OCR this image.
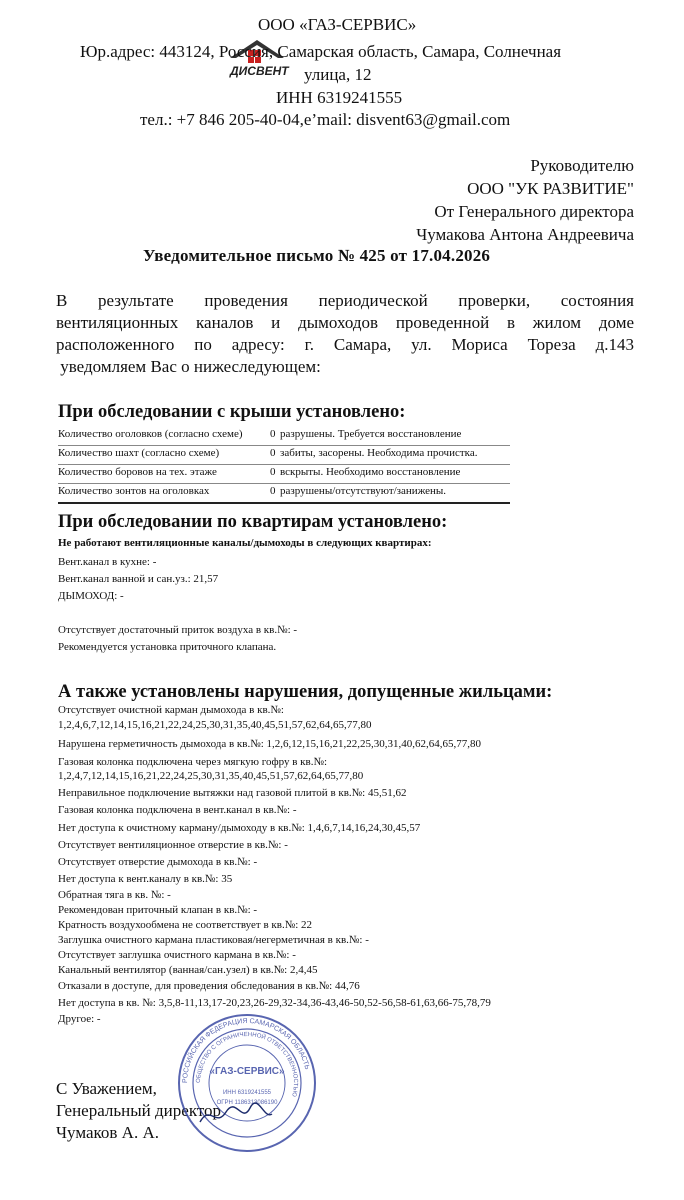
ООО «ГАЗ-СЕРВИС»
ДИСВЕНТ
Юр.адрес: 443124, Россия, Самарская область, Самара, Солнечная
улица, 12
ИНН 6319241555
тел.: +7 846 205-40-04,e’mail: disvent63@gmail.com
Руководителю
ООО "УК РАЗВИТИЕ"
От Генерального директора
Чумакова Антона Андреевича
Уведомительное письмо № 425 от 17.04.2026
В результате проведения периодической проверки, состояния
вентиляционных каналов и дымоходов проведенной в жилом доме
расположенного по адресу: г. Самара, ул. Мориса Тореза д.143
уведомляем Вас о нижеследующем:
При обследовании с крыши установлено:
Количество оголовков (согласно схеме) 0 разрушены. Требуется восстановление
Количество шахт (согласно схеме)	0 забиты, засорены. Необходима прочистка.
Количество боровов на тех. этаже	0 вскрыты. Необходимо восстановление
Количество зонтов на оголовках	0 разрушены/отсутствуют/занижены.
При обследовании по квартирам установлено:
Не работают вентиляционные каналы/дымоходы в следующих квартирах:
Вент.канал в кухне: -
Вент.канал ванной и сан.уз.: 21,57
ДЫМОХОД: -
Отсутствует достаточный приток воздуха в кв.№: -
Рекомендуется установка приточного клапана.
А также установлены нарушения, допущенные жильцами:
Отсутствует очистной карман дымохода в кв.№:
1,2,4,6,7,12,14,15,16,21,22,24,25,30,31,35,40,45,51,57,62,64,65,77,80
Нарушена герметичность дымохода в кв.№: 1,2,6,12,15,16,21,22,25,30,31,40,62,64,65,77,80
Газовая колонка подключена через мягкую гофру в кв.№:
1,2,4,7,12,14,15,16,21,22,24,25,30,31,35,40,45,51,57,62,64,65,77,80
Неправильное подключение вытяжки над газовой плитой в кв.№: 45,51,62
Газовая колонка подключена в вент.канал в кв.№: -
Нет доступа к очистному карману/дымоходу в кв.№: 1,4,6,7,14,16,24,30,45,57
Отсутствует вентиляционное отверстие в кв.№: -
Отсутствует отверстие дымохода в кв.№: -
Нет доступа к вент.каналу в кв.№: 35
Обратная тяга в кв. №: -
Рекомендован приточный клапан в кв.№: -
Кратность воздухообмена не соответствует в кв.№: 22
Заглушка очистного кармана пластиковая/негерметичная в кв.№: -
Отсутствует заглушка очистного кармана в кв.№: -
Канальный вентилятор (ванная/сан.узел) в кв.№: 2,4,45
Отказали в доступе, для проведения обследования в кв.№: 44,76
Нет доступа в кв. №: 3,5,8-11,13,17-20,23,26-29,32-34,36-43,46-50,52-56,58-61,63,66-75,78,79
Другое: -
С Уважением,
Генеральный директор
Чумаков А. А.
РОССИЙСКАЯ ФЕДЕРАЦИЯ САМАРСКАЯ ОБЛАСТЬ
ОБЩЕСТВО С ОГРАНИЧЕННОЙ ОТВЕТСТВЕННОСТЬЮ
«ГАЗ-СЕРВИС»
ИНН 6319241555
ОГРН 1186313086190
